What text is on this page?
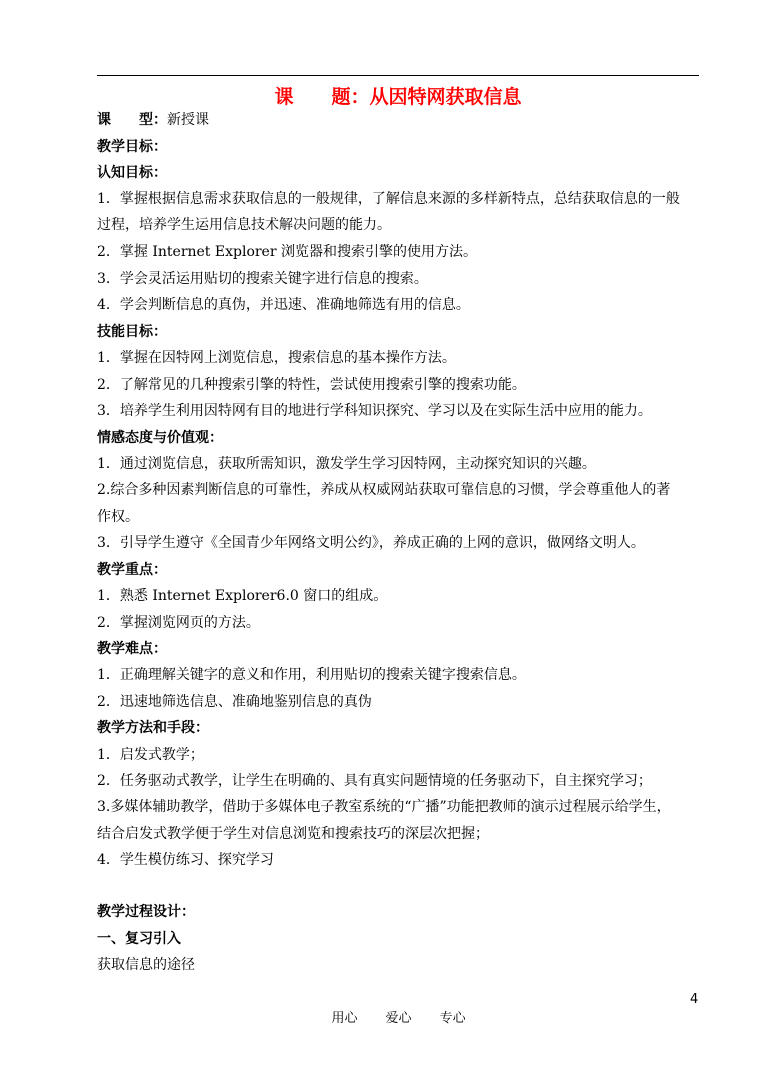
课　　题：从因特网获取信息
课　　型：新授课
教学目标：
认知目标：
1．掌握根据信息需求获取信息的一般规律，了解信息来源的多样新特点，总结获取信息的一般
过程，培养学生运用信息技术解决问题的能力。
2．掌握 Internet Explorer 浏览器和搜索引擎的使用方法。
3．学会灵活运用贴切的搜索关键字进行信息的搜索。
4．学会判断信息的真伪，并迅速、准确地筛选有用的信息。
技能目标：
1．掌握在因特网上浏览信息，搜索信息的基本操作方法。
2．了解常见的几种搜索引擎的特性，尝试使用搜索引擎的搜索功能。
3．培养学生利用因特网有目的地进行学科知识探究、学习以及在实际生活中应用的能力。
情感态度与价值观：
1．通过浏览信息，获取所需知识，激发学生学习因特网，主动探究知识的兴趣。
2.综合多种因素判断信息的可靠性，养成从权威网站获取可靠信息的习惯，学会尊重他人的著
作权。
3．引导学生遵守《全国青少年网络文明公约》，养成正确的上网的意识，做网络文明人。
教学重点：
1．熟悉 Internet Explorer6.0 窗口的组成。
2．掌握浏览网页的方法。
教学难点：
1．正确理解关键字的意义和作用，利用贴切的搜索关键字搜索信息。
2．迅速地筛选信息、准确地鉴别信息的真伪
教学方法和手段：
1．启发式教学；
2．任务驱动式教学，让学生在明确的、具有真实问题情境的任务驱动下，自主探究学习；
3.多媒体辅助教学，借助于多媒体电子教室系统的“广播”功能把教师的演示过程展示给学生，
结合启发式教学便于学生对信息浏览和搜索技巧的深层次把握；
4．学生模仿练习、探究学习
教学过程设计：
一、复习引入
获取信息的途径

用心 爱心 专心

4
